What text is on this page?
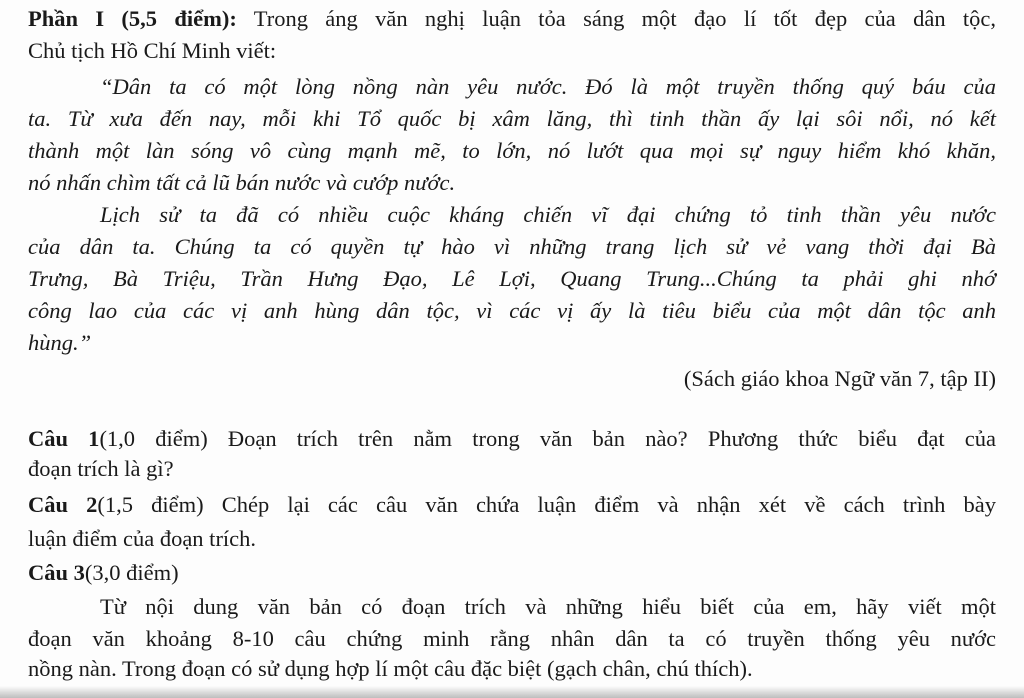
Phần I (5,5 điểm): Trong áng văn nghị luận tỏa sáng một đạo lí tốt đẹp của dân tộc,
Chủ tịch Hồ Chí Minh viết:
“Dân ta có một lòng nồng nàn yêu nước. Đó là một truyền thống quý báu của
ta. Từ xưa đến nay, mỗi khi Tổ quốc bị xâm lăng, thì tinh thần ấy lại sôi nổi, nó kết
thành một làn sóng vô cùng mạnh mẽ, to lớn, nó lướt qua mọi sự nguy hiểm khó khăn,
nó nhấn chìm tất cả lũ bán nước và cướp nước.
Lịch sử ta đã có nhiều cuộc kháng chiến vĩ đại chứng tỏ tinh thần yêu nước
của dân ta. Chúng ta có quyền tự hào vì những trang lịch sử vẻ vang thời đại Bà
Trưng, Bà Triệu, Trần Hưng Đạo, Lê Lợi, Quang Trung...Chúng ta phải ghi nhớ
công lao của các vị anh hùng dân tộc, vì các vị ấy là tiêu biểu của một dân tộc anh
hùng.”
(Sách giáo khoa Ngữ văn 7, tập II)
Câu 1(1,0 điểm) Đoạn trích trên nằm trong văn bản nào? Phương thức biểu đạt của
đoạn trích là gì?
Câu 2(1,5 điểm) Chép lại các câu văn chứa luận điểm và nhận xét về cách trình bày
luận điểm của đoạn trích.
Câu 3(3,0 điểm)
Từ nội dung văn bản có đoạn trích và những hiểu biết của em, hãy viết một
đoạn văn khoảng 8-10 câu chứng minh rằng nhân dân ta có truyền thống yêu nước
nồng nàn. Trong đoạn có sử dụng hợp lí một câu đặc biệt (gạch chân, chú thích).
